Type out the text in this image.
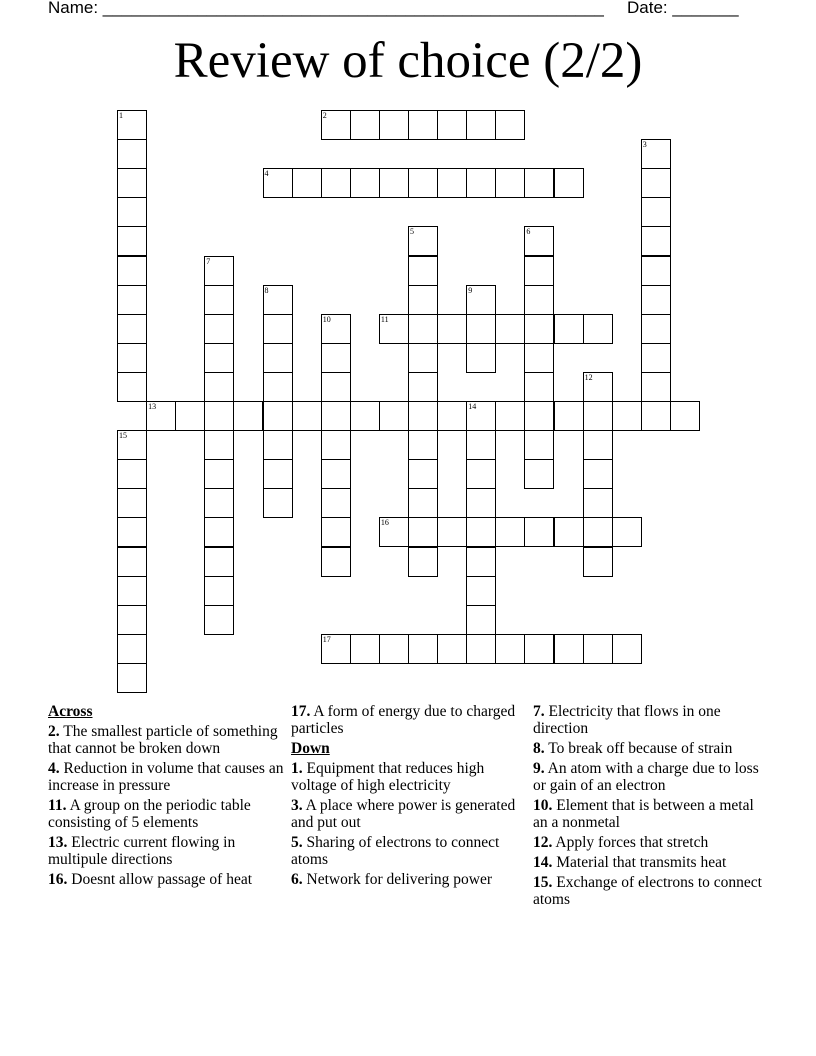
Name: _____________________________________________________ Date: _______
Review of choice (2/2)
2
4
11
13	14
16
17
1
3
5	6
7
8	9
10
12
15
Across
2. The smallest particle of something that cannot be broken down
4. Reduction in volume that causes an increase in pressure
11. A group on the periodic table consisting of 5 elements
13. Electric current flowing in multipule directions
16. Doesnt allow passage of heat
17. A form of energy due to charged particles
Down
1. Equipment that reduces high voltage of high electricity
3. A place where power is generated and put out
5. Sharing of electrons to connect atoms
6. Network for delivering power
7. Electricity that flows in one direction
8. To break off because of strain
9. An atom with a charge due to loss or gain of an electron
10. Element that is between a metal an a nonmetal
12. Apply forces that stretch
14. Material that transmits heat
15. Exchange of electrons to connect atoms
